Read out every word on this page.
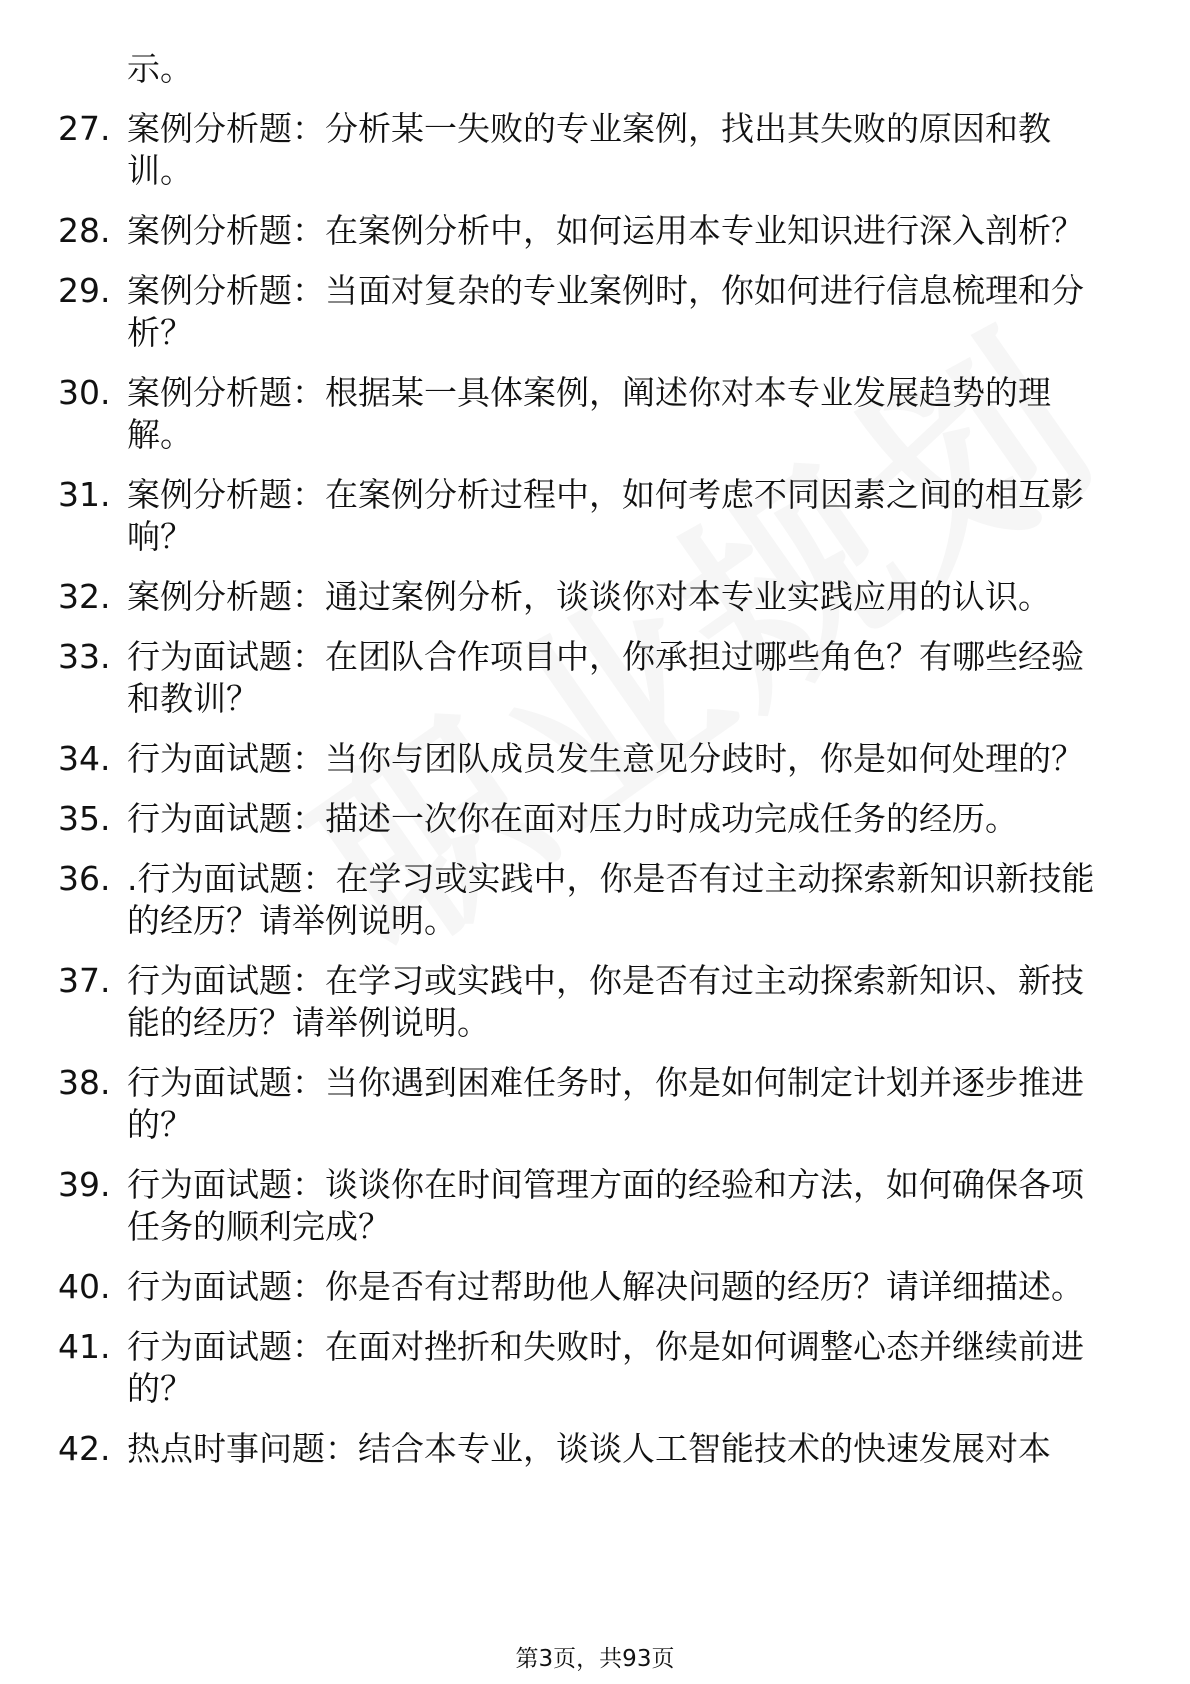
示。
27. 案例分析题：分析某一失败的专业案例，找出其失败的原因和教训。
28. 案例分析题：在案例分析中，如何运用本专业知识进行深入剖析？
29. 案例分析题：当面对复杂的专业案例时，你如何进行信息梳理和分析？
30. 案例分析题：根据某一具体案例，阐述你对本专业发展趋势的理解。
31. 案例分析题：在案例分析过程中，如何考虑不同因素之间的相互影响？
32. 案例分析题：通过案例分析，谈谈你对本专业实践应用的认识。
33. 行为面试题：在团队合作项目中，你承担过哪些角色？有哪些经验和教训？
34. 行为面试题：当你与团队成员发生意见分歧时，你是如何处理的？
35. 行为面试题：描述一次你在面对压力时成功完成任务的经历。
36. .行为面试题：在学习或实践中，你是否有过主动探索新知识新技能的经历？请举例说明。
37. 行为面试题：在学习或实践中，你是否有过主动探索新知识、新技能的经历？请举例说明。
38. 行为面试题：当你遇到困难任务时，你是如何制定计划并逐步推进的？
39. 行为面试题：谈谈你在时间管理方面的经验和方法，如何确保各项任务的顺利完成？
40. 行为面试题：你是否有过帮助他人解决问题的经历？请详细描述。
41. 行为面试题：在面对挫折和失败时，你是如何调整心态并继续前进的？
42. 热点时事问题：结合本专业，谈谈人工智能技术的快速发展对本
第3页，共93页
